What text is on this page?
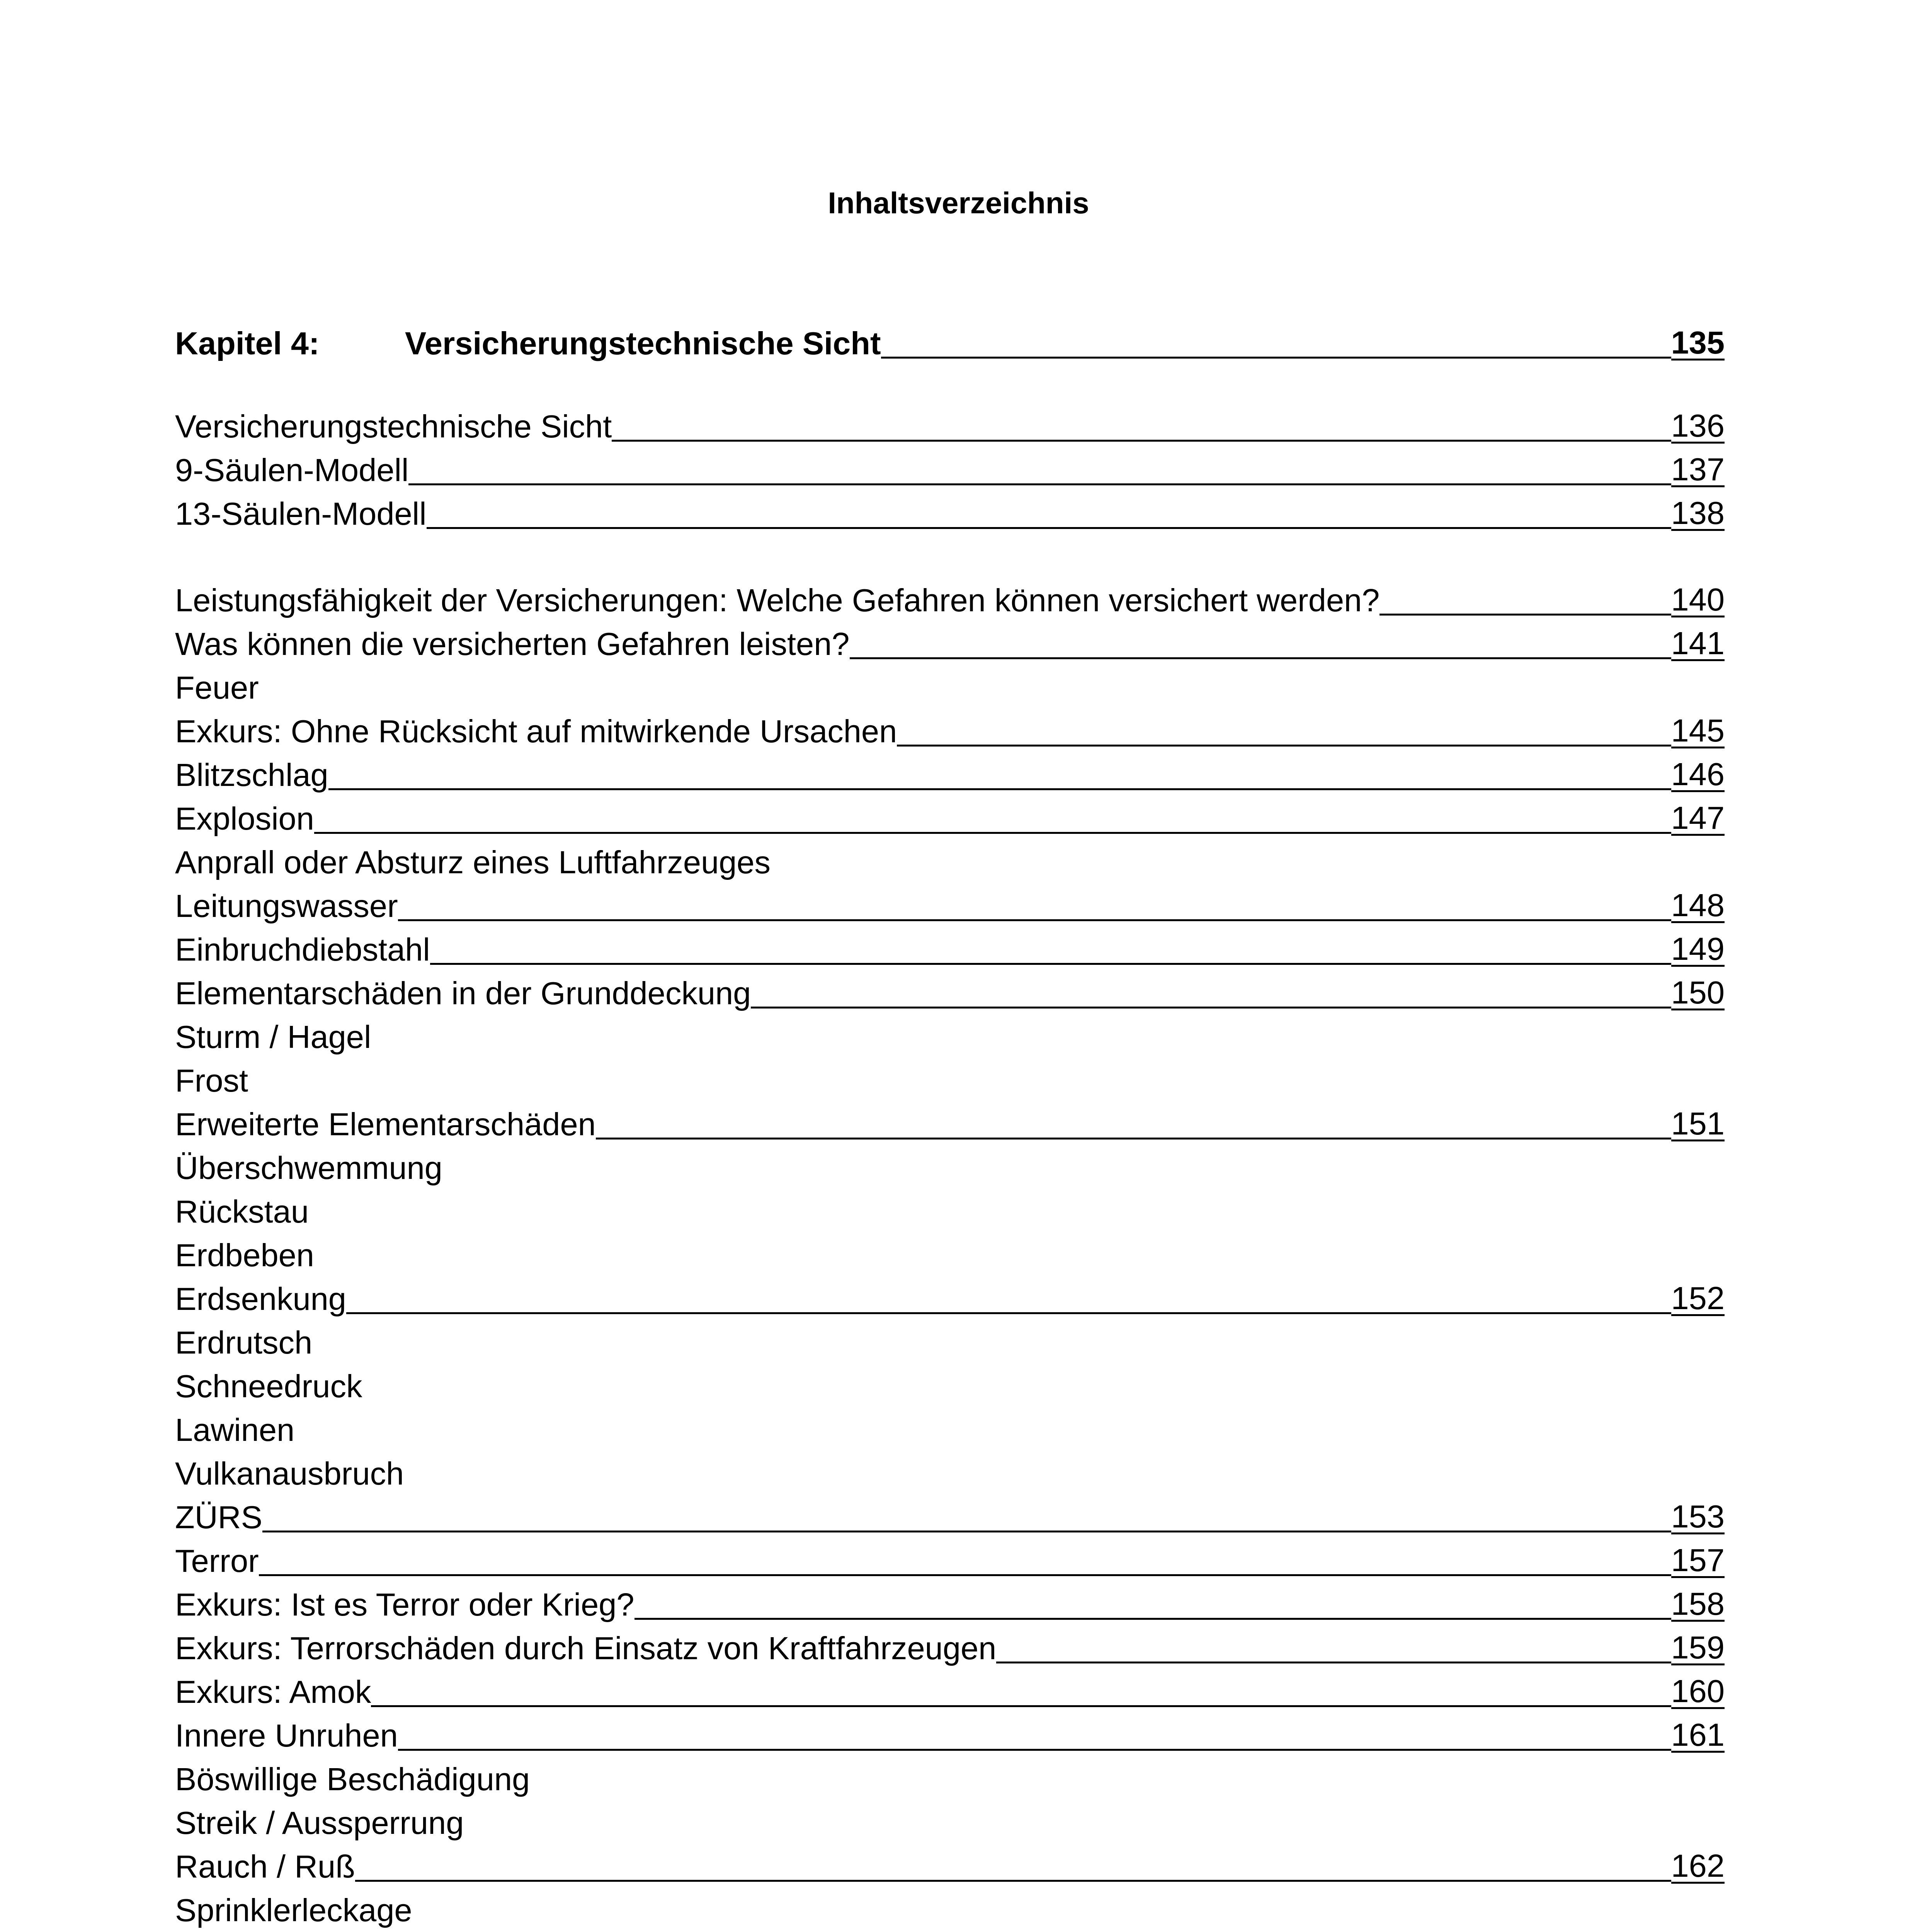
Inhaltsverzeichnis
Kapitel 4:	Versicherungstechnische Sicht	135
Versicherungstechnische Sicht	136
9-Säulen-Modell	137
13-Säulen-Modell	138
Leistungsfähigkeit der Versicherungen: Welche Gefahren können versichert werden?	140
Was können die versicherten Gefahren leisten?	141
Feuer
Exkurs: Ohne Rücksicht auf mitwirkende Ursachen	145
Blitzschlag	146
Explosion	147
Anprall oder Absturz eines Luftfahrzeuges
Leitungswasser	148
Einbruchdiebstahl	149
Elementarschäden in der Grunddeckung	150
Sturm / Hagel
Frost
Erweiterte Elementarschäden	151
Überschwemmung
Rückstau
Erdbeben
Erdsenkung	152
Erdrutsch
Schneedruck
Lawinen
Vulkanausbruch
ZÜRS	153
Terror	157
Exkurs: Ist es Terror oder Krieg?	158
Exkurs: Terrorschäden durch Einsatz von Kraftfahrzeugen	159
Exkurs: Amok	160
Innere Unruhen	161
Böswillige Beschädigung
Streik / Aussperrung
Rauch / Ruß	162
Sprinklerleckage
